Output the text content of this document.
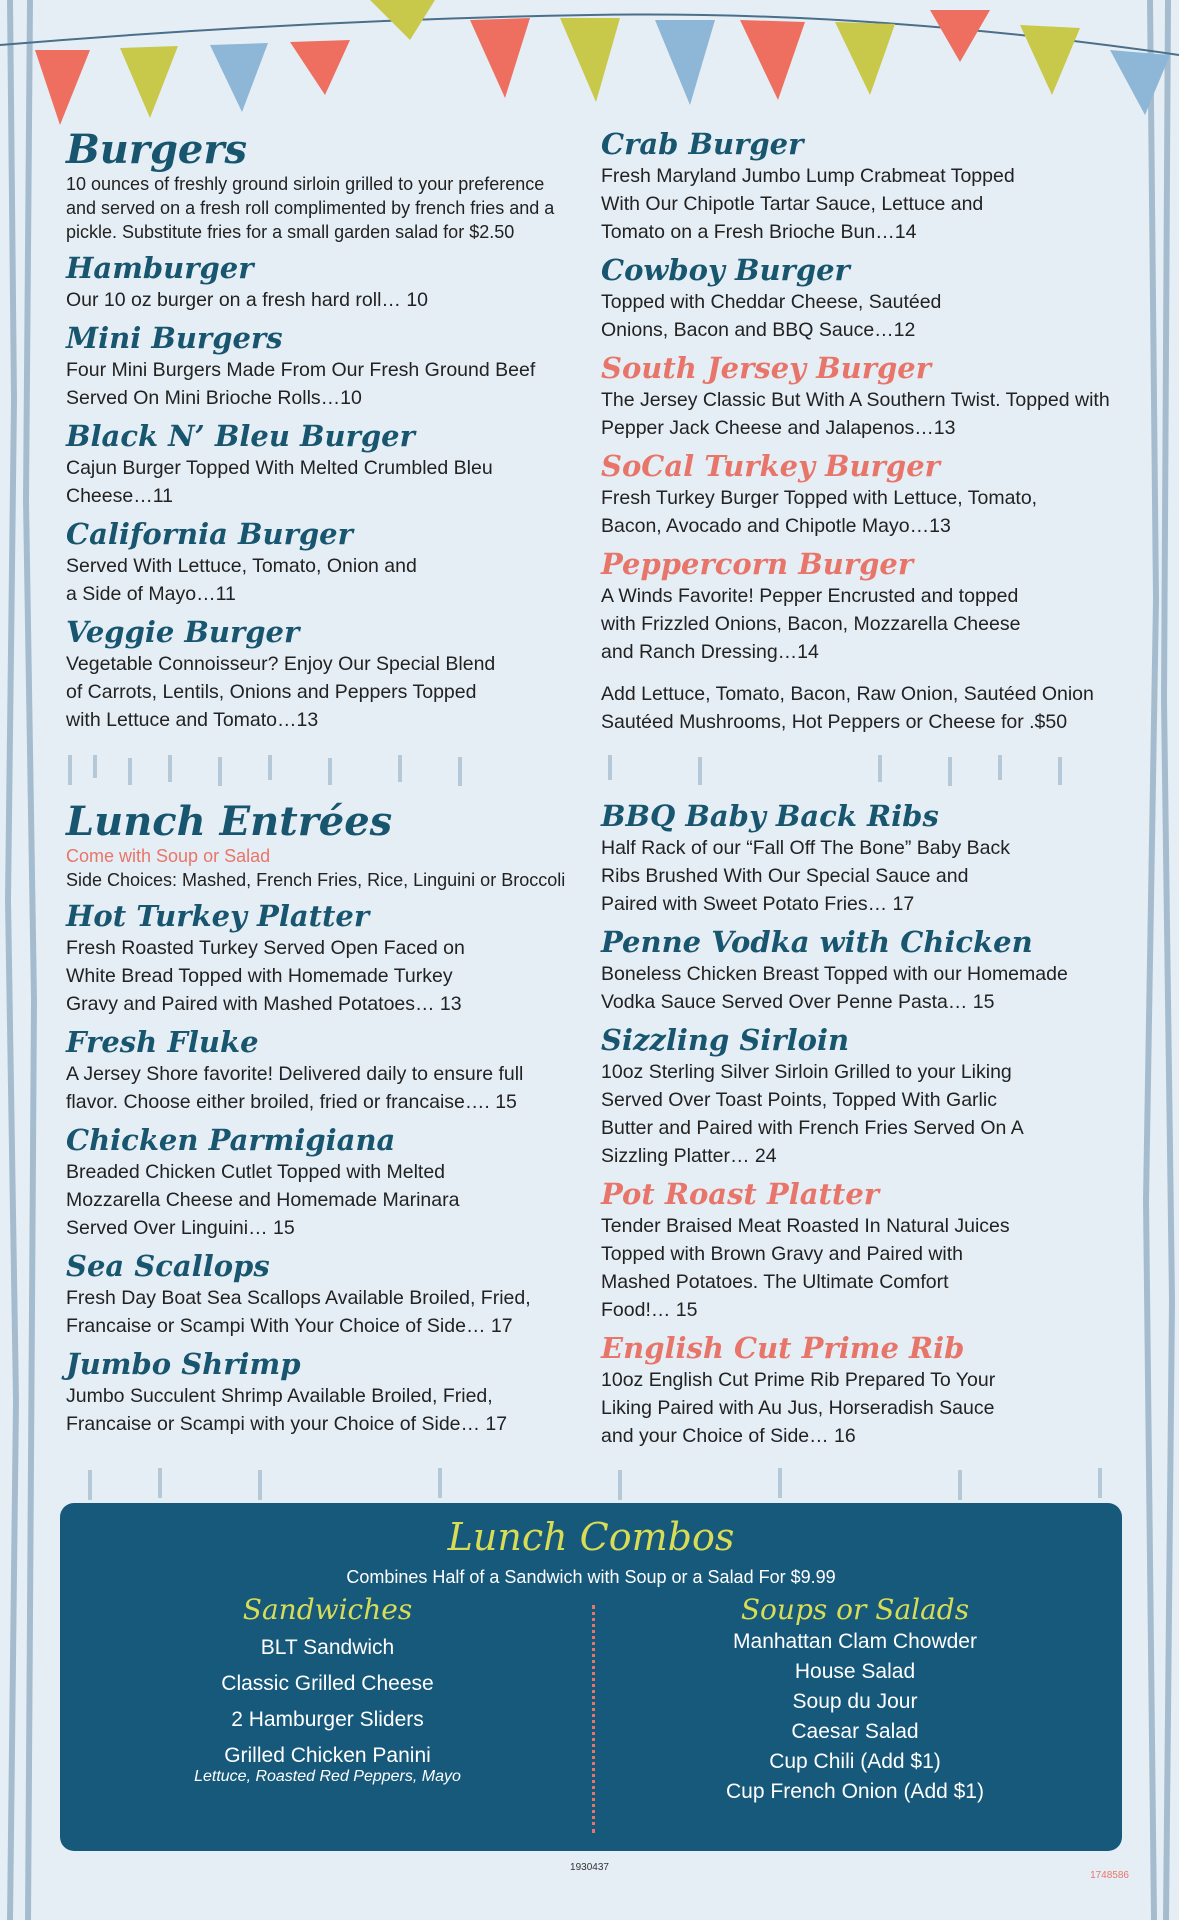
Burgers

10 ounces of freshly ground sirloin grilled to your preference and served on a fresh roll complimented by french fries and a pickle. Substitute fries for a small garden salad for $2.50

Hamburger

Our 10 oz burger on a fresh hard roll… 10

Mini Burgers

Four Mini Burgers Made From Our Fresh Ground Beef Served On Mini Brioche Rolls…10

Black N’ Bleu Burger

Cajun Burger Topped With Melted Crumbled Bleu Cheese…11

California Burger

Served With Lettuce, Tomato, Onion and a Side of Mayo…11

Veggie Burger

Vegetable Connoisseur? Enjoy Our Special Blend of Carrots, Lentils, Onions and Peppers Topped with Lettuce and Tomato…13

Crab Burger

Fresh Maryland Jumbo Lump Crabmeat Topped With Our Chipotle Tartar Sauce, Lettuce and Tomato on a Fresh Brioche Bun…14

Cowboy Burger

Topped with Cheddar Cheese, Sautéed Onions, Bacon and BBQ Sauce…12

South Jersey Burger

The Jersey Classic But With A Southern Twist. Topped with Pepper Jack Cheese and Jalapenos…13

SoCal Turkey Burger

Fresh Turkey Burger Topped with Lettuce, Tomato, Bacon, Avocado and Chipotle Mayo…13

Peppercorn Burger

A Winds Favorite! Pepper Encrusted and topped with Frizzled Onions, Bacon, Mozzarella Cheese and Ranch Dressing…14

Add Lettuce, Tomato, Bacon, Raw Onion, Sautéed Onion Sautéed Mushrooms, Hot Peppers or Cheese for .$50

Lunch Entrées

Come with Soup or Salad

Side Choices: Mashed, French Fries, Rice, Linguini or Broccoli

Hot Turkey Platter

Fresh Roasted Turkey Served Open Faced on White Bread Topped with Homemade Turkey Gravy and Paired with Mashed Potatoes… 13

Fresh Fluke

A Jersey Shore favorite! Delivered daily to ensure full flavor. Choose either broiled, fried or francaise…. 15

Chicken Parmigiana

Breaded Chicken Cutlet Topped with Melted Mozzarella Cheese and Homemade Marinara Served Over Linguini… 15

Sea Scallops

Fresh Day Boat Sea Scallops Available Broiled, Fried, Francaise or Scampi With Your Choice of Side… 17

Jumbo Shrimp

Jumbo Succulent Shrimp Available Broiled, Fried, Francaise or Scampi with your Choice of Side… 17

BBQ Baby Back Ribs

Half Rack of our “Fall Off The Bone” Baby Back Ribs Brushed With Our Special Sauce and Paired with Sweet Potato Fries… 17

Penne Vodka with Chicken

Boneless Chicken Breast Topped with our Homemade Vodka Sauce Served Over Penne Pasta… 15

Sizzling Sirloin

10oz Sterling Silver Sirloin Grilled to your Liking Served Over Toast Points, Topped With Garlic Butter and Paired with French Fries Served On A Sizzling Platter… 24

Pot Roast Platter

Tender Braised Meat Roasted In Natural Juices Topped with Brown Gravy and Paired with Mashed Potatoes. The Ultimate Comfort Food!… 15

English Cut Prime Rib

10oz English Cut Prime Rib Prepared To Your Liking Paired with Au Jus, Horseradish Sauce and your Choice of Side… 16

Lunch Combos
Combines Half of a Sandwich with Soup or a Salad For $9.99

Sandwiches

BLT Sandwich

Classic Grilled Cheese

2 Hamburger Sliders

Grilled Chicken Panini

Lettuce, Roasted Red Peppers, Mayo

Soups or Salads

Manhattan Clam Chowder

House Salad

Soup du Jour

Caesar Salad

Cup Chili (Add $1)

Cup French Onion (Add $1)

1930437
1748586
